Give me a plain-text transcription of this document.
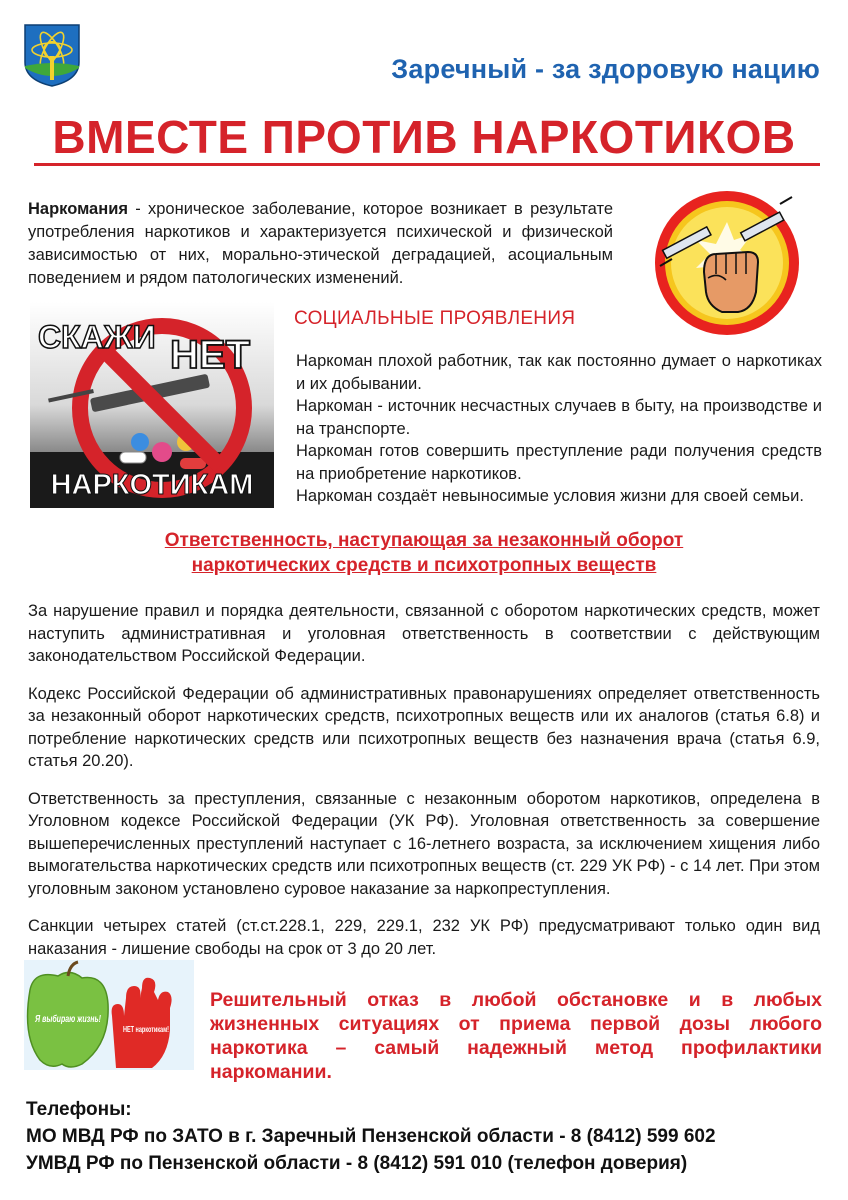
Заречный - за здоровую нацию
ВМЕСТЕ ПРОТИВ НАРКОТИКОВ
Наркомания - хроническое заболевание, которое возникает в результате употребления наркотиков и характеризуется психической и физической зависимостью от них, морально-этической деградацией, асоциальным поведением и рядом патологических изменений.
СКАЖИ НЕТ
НАРКОТИКАМ
СОЦИАЛЬНЫЕ ПРОЯВЛЕНИЯ

Наркоман плохой работник, так как постоянно думает о наркотиках и их добывании.

Наркоман - источник несчастных случаев в быту, на производстве и на транспорте.

Наркоман готов совершить преступление ради получения средств на приобретение наркотиков.

Наркоман создаёт невыносимые условия жизни для своей семьи.

Ответственность, наступающая за незаконный оборот
наркотических средств и психотропных веществ

За нарушение правил и порядка деятельности, связанной с оборотом наркотических средств, может наступить административная и уголовная ответственность в соответствии с действующим законодательством Российской Федерации.

Кодекс Российской Федерации об административных правонарушениях определяет ответственность за незаконный оборот наркотических средств, психотропных веществ или их аналогов (статья 6.8) и потребление наркотических средств или психотропных веществ без назначения врача (статья 6.9, статья 20.20).

Ответственность за преступления, связанные с незаконным оборотом наркотиков, определена в Уголовном кодексе Российской Федерации (УК РФ). Уголовная ответственность за совершение вышеперечисленных преступлений наступает с 16-летнего возраста, за исключением хищения либо вымогательства наркотических средств или психотропных веществ (ст. 229 УК РФ) - с 14 лет. При этом уголовным законом установлено суровое наказание за наркопреступления.

Санкции четырех статей (ст.ст.228.1, 229, 229.1, 232 УК РФ) предусматривают только один вид наказания - лишение свободы на срок от 3 до 20 лет.

Я выбираю жизнь!
НЕТ наркотикам!
Решительный отказ в любой обстановке и в любых жизненных ситуациях от приема первой дозы любого наркотика – самый надежный метод профилактики наркомании.
Телефоны:
МО МВД РФ по ЗАТО в г. Заречный Пензенской области - 8 (8412) 599 602
УМВД РФ по Пензенской области - 8 (8412) 591 010 (телефон доверия)
